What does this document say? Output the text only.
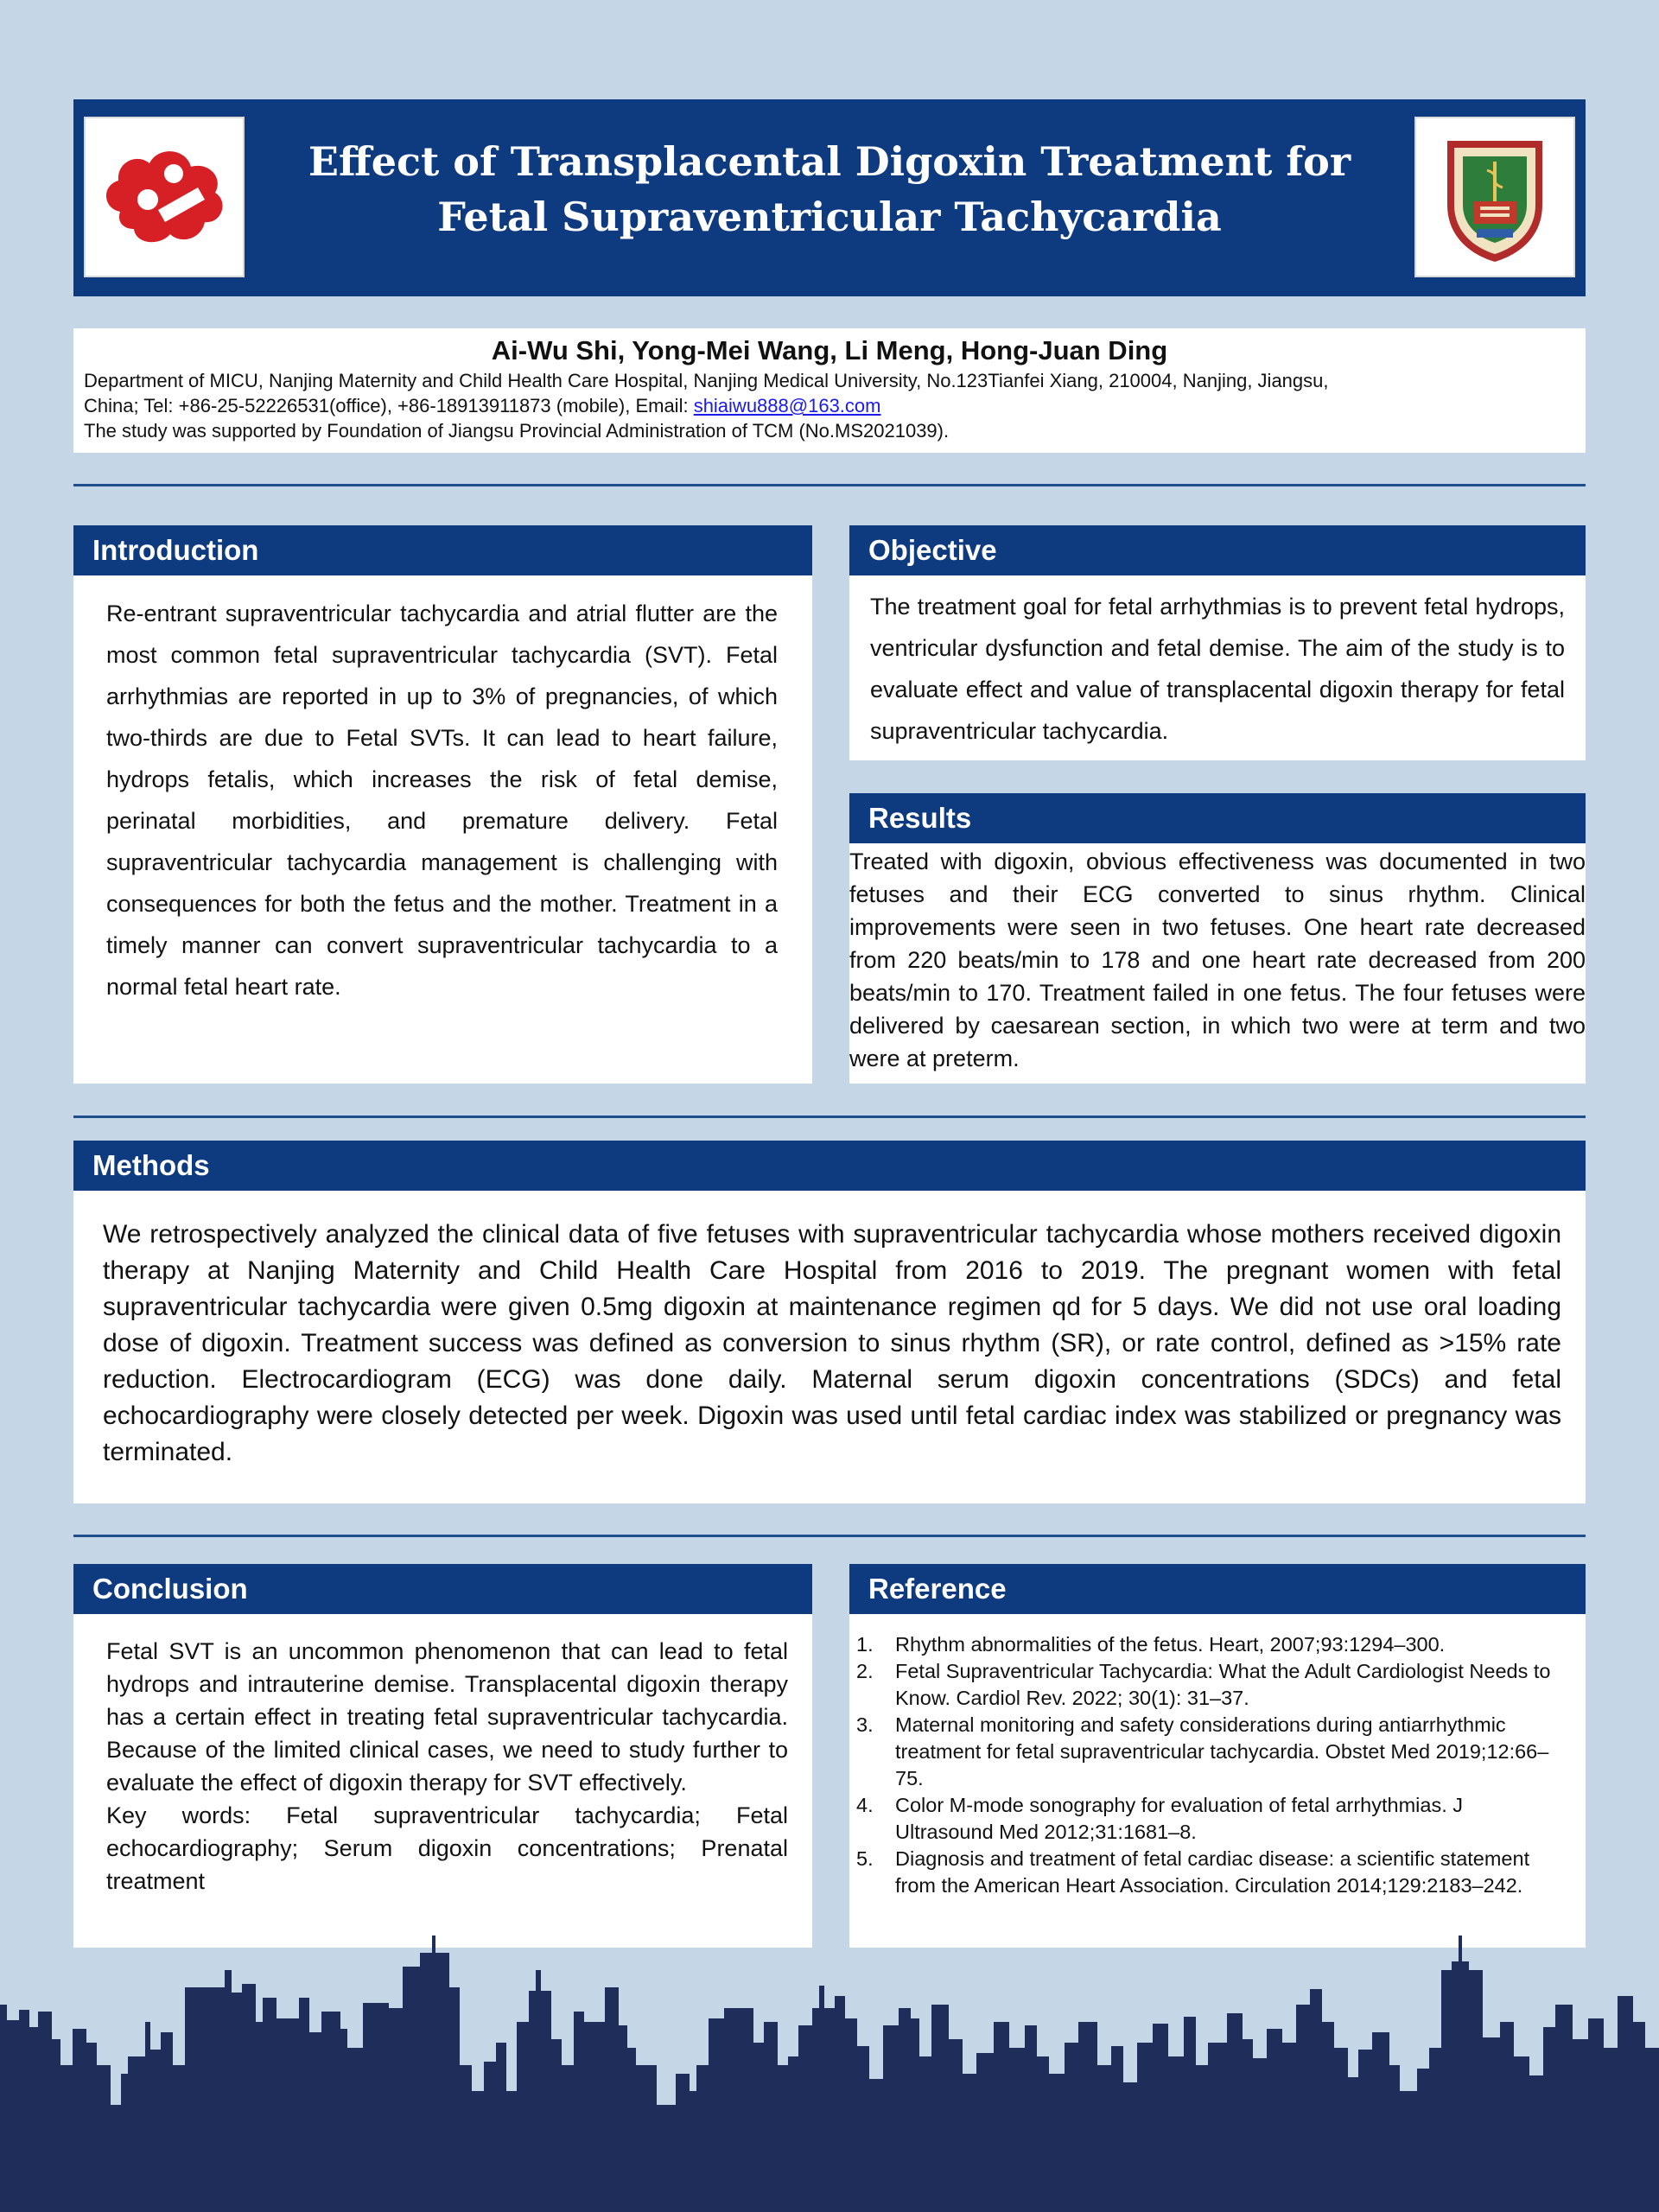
Effect of Transplacental Digoxin Treatment for Fetal Supraventricular Tachycardia
Ai-Wu Shi, Yong-Mei Wang, Li Meng, Hong-Juan Ding
Department of MICU, Nanjing Maternity and Child Health Care Hospital, Nanjing Medical University, No.123Tianfei Xiang, 210004, Nanjing, Jiangsu,
China; Tel: +86-25-52226531(office), +86-18913911873 (mobile), Email: shiaiwu888@163.com
The study was supported by Foundation of Jiangsu Provincial Administration of TCM (No.MS2021039).
Introduction
Re-entrant supraventricular tachycardia and atrial flutter are the most common fetal supraventricular tachycardia (SVT). Fetal arrhythmias are reported in up to 3% of pregnancies, of which two-thirds are due to Fetal SVTs. It can lead to heart failure, hydrops fetalis, which increases the risk of fetal demise, perinatal morbidities, and premature delivery. Fetal supraventricular tachycardia management is challenging with consequences for both the fetus and the mother. Treatment in a timely manner can convert supraventricular tachycardia to a normal fetal heart rate.
Objective
The treatment goal for fetal arrhythmias is to prevent fetal hydrops, ventricular dysfunction and fetal demise. The aim of the study is to evaluate effect and value of transplacental digoxin therapy for fetal supraventricular tachycardia.
Results
Treated with digoxin, obvious effectiveness was documented in two fetuses and their ECG converted to sinus rhythm. Clinical improvements were seen in two fetuses. One heart rate decreased from 220 beats/min to 178 and one heart rate decreased from 200 beats/min to 170. Treatment failed in one fetus. The four fetuses were delivered by caesarean section, in which two were at term and two were at preterm.
Methods
We retrospectively analyzed the clinical data of five fetuses with supraventricular tachycardia whose mothers received digoxin therapy at Nanjing Maternity and Child Health Care Hospital from 2016 to 2019. The pregnant women with fetal supraventricular tachycardia were given 0.5mg digoxin at maintenance regimen qd for 5 days. We did not use oral loading dose of digoxin. Treatment success was defined as conversion to sinus rhythm (SR), or rate control, defined as >15% rate reduction. Electrocardiogram (ECG) was done daily. Maternal serum digoxin concentrations (SDCs) and fetal echocardiography were closely detected per week. Digoxin was used until fetal cardiac index was stabilized or pregnancy was terminated.
Conclusion
Fetal SVT is an uncommon phenomenon that can lead to fetal hydrops and intrauterine demise. Transplacental digoxin therapy has a certain effect in treating fetal supraventricular tachycardia. Because of the limited clinical cases, we need to study further to evaluate the effect of digoxin therapy for SVT effectively.
Key words: Fetal supraventricular tachycardia; Fetal echocardiography; Serum digoxin concentrations; Prenatal treatment
Reference
1.	Rhythm abnormalities of the fetus. Heart, 2007;93:1294–300.
2.	Fetal Supraventricular Tachycardia: What the Adult Cardiologist Needs to Know. Cardiol Rev. 2022; 30(1): 31–37.
3.	Maternal monitoring and safety considerations during antiarrhythmic treatment for fetal supraventricular tachycardia. Obstet Med 2019;12:66–75.
4.	Color M-mode sonography for evaluation of fetal arrhythmias. J Ultrasound Med 2012;31:1681–8.
5.	Diagnosis and treatment of fetal cardiac disease: a scientific statement from the American Heart Association. Circulation 2014;129:2183–242.
